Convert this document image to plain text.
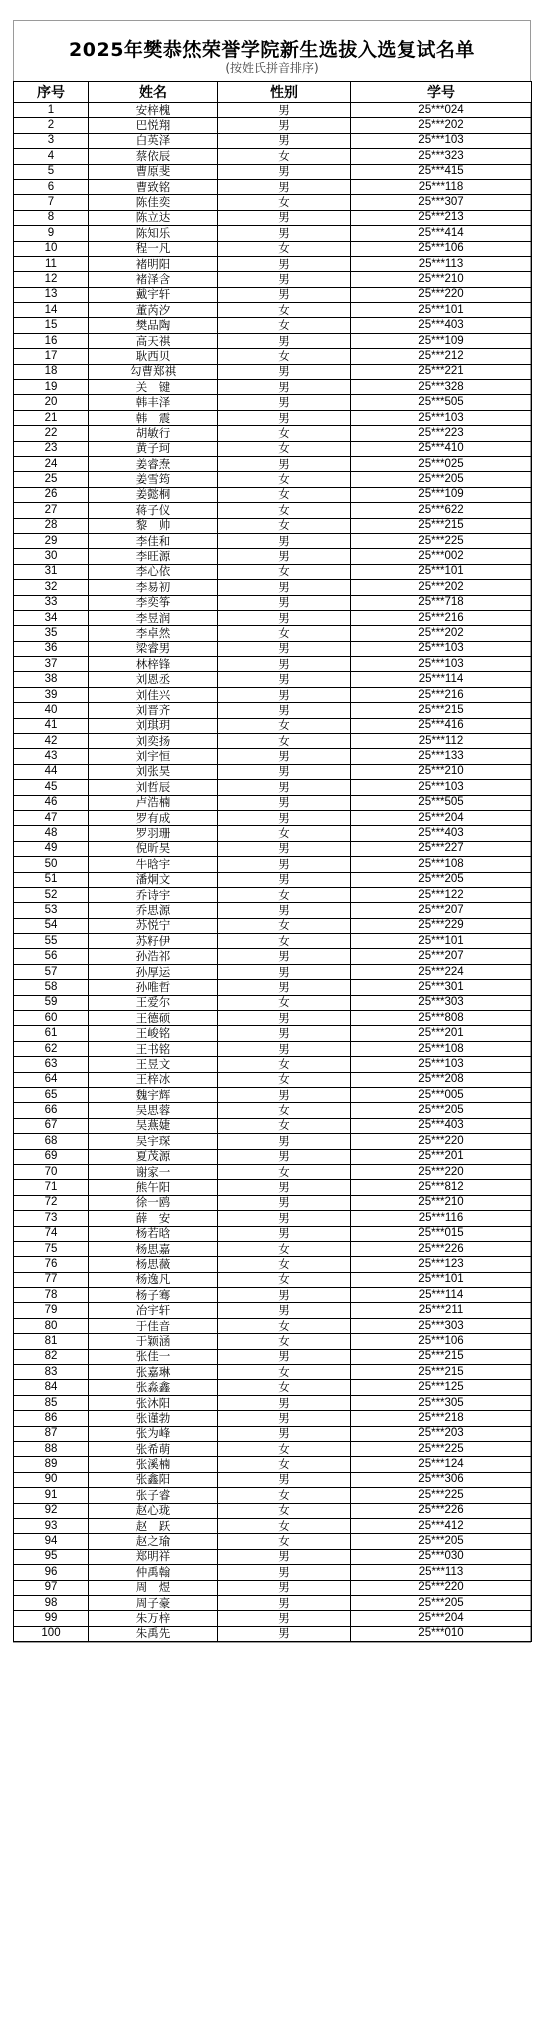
2025年樊恭烋荣誉学院新生选拔入选复试名单
(按姓氏拼音排序)
序号	姓名	性别	学号
1	安梓槐	男	25***024
2	巴悦翔	男	25***202
3	白英泽	男	25***103
4	蔡依辰	女	25***323
5	曹原斐	男	25***415
6	曹致铭	男	25***118
7	陈佳奕	女	25***307
8	陈立达	男	25***213
9	陈知乐	男	25***414
10	程一凡	女	25***106
11	褚明阳	男	25***113
12	褚泽含	男	25***210
13	戴宇轩	男	25***220
14	董芮汐	女	25***101
15	樊品陶	女	25***403
16	高天祺	男	25***109
17	耿西贝	女	25***212
18	勾曹郑祺	男	25***221
19	关　键	男	25***328
20	韩丰泽	男	25***505
21	韩　震	男	25***103
22	胡敏行	女	25***223
23	黄子珂	女	25***410
24	姜睿焘	男	25***025
25	姜雪筠	女	25***205
26	姜懿桐	女	25***109
27	蒋子仪	女	25***622
28	黎　帅	女	25***215
29	李佳和	男	25***225
30	李旺源	男	25***002
31	李心依	女	25***101
32	李易初	男	25***202
33	李奕筝	男	25***718
34	李昱润	男	25***216
35	李卓然	女	25***202
36	梁睿男	男	25***103
37	林梓锋	男	25***103
38	刘恩丞	男	25***114
39	刘佳兴	男	25***216
40	刘晋齐	男	25***215
41	刘琪玥	女	25***416
42	刘奕扬	女	25***112
43	刘宇恒	男	25***133
44	刘张昊	男	25***210
45	刘哲辰	男	25***103
46	卢浩楠	男	25***505
47	罗有成	男	25***204
48	罗羽珊	女	25***403
49	倪昕昊	男	25***227
50	牛晗宇	男	25***108
51	潘炯文	男	25***205
52	乔诗宇	女	25***122
53	乔思源	男	25***207
54	苏悦宁	女	25***229
55	苏籽伊	女	25***101
56	孙浩祁	男	25***207
57	孙厚运	男	25***224
58	孙唯哲	男	25***301
59	王爱尔	女	25***303
60	王德硕	男	25***808
61	王峻铭	男	25***201
62	王书铭	男	25***108
63	王昱文	女	25***103
64	王梓冰	女	25***208
65	魏宇辉	男	25***005
66	吴思蓉	女	25***205
67	吴燕婕	女	25***403
68	吴宇琛	男	25***220
69	夏茂源	男	25***201
70	谢家一	女	25***220
71	熊午阳	男	25***812
72	徐一鸥	男	25***210
73	薛　安	男	25***116
74	杨若晗	男	25***015
75	杨思嘉	女	25***226
76	杨思薇	女	25***123
77	杨逸凡	女	25***101
78	杨子骞	男	25***114
79	冶宇轩	男	25***211
80	于佳音	女	25***303
81	于颖涵	女	25***106
82	张佳一	男	25***215
83	张嘉琳	女	25***215
84	张淼鑫	女	25***125
85	张沐阳	男	25***305
86	张谨勃	男	25***218
87	张为峰	男	25***203
88	张希萌	女	25***225
89	张溪楠	女	25***124
90	张鑫阳	男	25***306
91	张子睿	女	25***225
92	赵心珑	女	25***226
93	赵　跃	女	25***412
94	赵之瑜	女	25***205
95	郑明祥	男	25***030
96	仲禹翰	男	25***113
97	周　煜	男	25***220
98	周子豪	男	25***205
99	朱万梓	男	25***204
100	朱禹先	男	25***010
